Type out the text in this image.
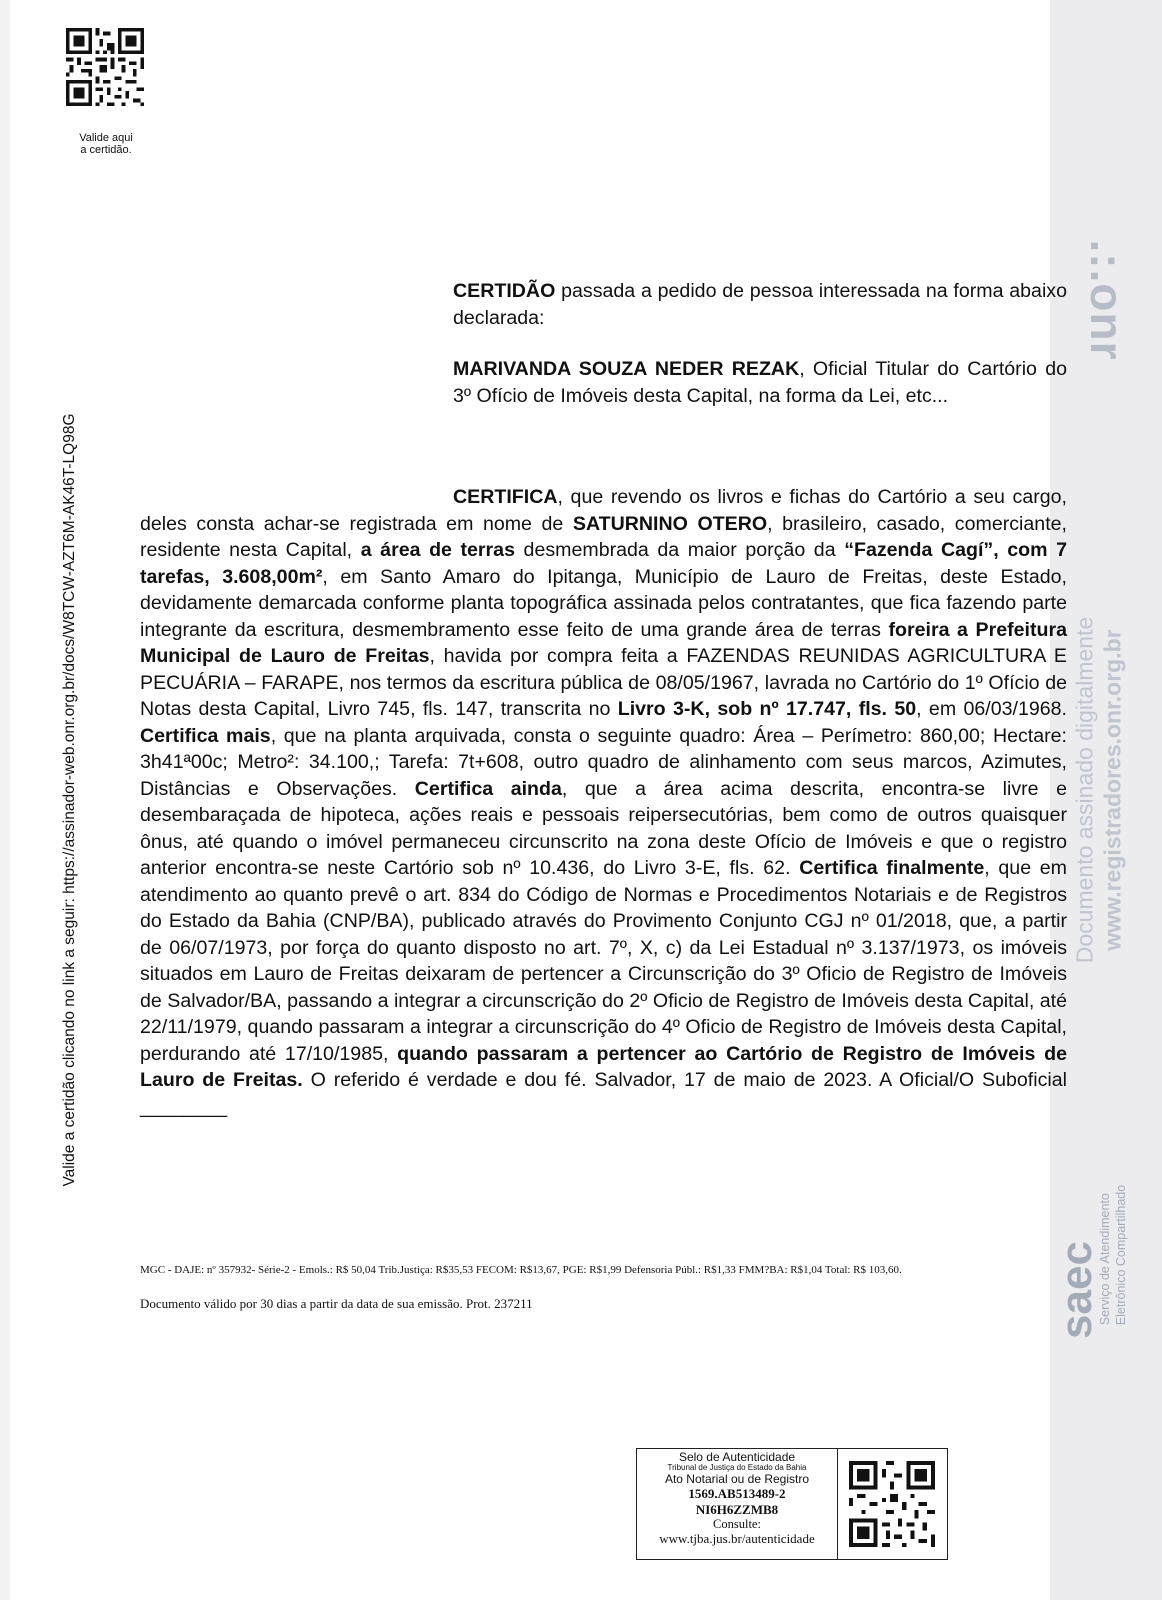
Valide aqui
a certidão.
Valide a certidão clicando no link a seguir: https://assinador-web.onr.org.br/docs/W8TCW-AZT6M-AK46T-LQ98G
.:.onr
Documento assinado digitalmente www.registradores.onr.org.br
saec
Serviço de Atendimento Eletrônico Compartilhado
CERTIDÃO passada a pedido de pessoa interessada na forma abaixo declarada:
MARIVANDA SOUZA NEDER REZAK, Oficial Titular do Cartório do 3º Ofício de Imóveis desta Capital, na forma da Lei, etc...
CERTIFICA, que revendo os livros e fichas do Cartório a seu cargo, deles consta achar-se registrada em nome de SATURNINO OTERO, brasileiro, casado, comerciante, residente nesta Capital, a área de terras desmembrada da maior porção da “Fazenda Cagí”, com 7 tarefas, 3.608,00m², em Santo Amaro do Ipitanga, Município de Lauro de Freitas, deste Estado, devidamente demarcada conforme planta topográfica assinada pelos contratantes, que fica fazendo parte integrante da escritura, desmembramento esse feito de uma grande área de terras foreira a Prefeitura Municipal de Lauro de Freitas, havida por compra feita a FAZENDAS REUNIDAS AGRICULTURA E PECUÁRIA – FARAPE, nos termos da escritura pública de 08/05/1967, lavrada no Cartório do 1º Ofício de Notas desta Capital, Livro 745, fls. 147, transcrita no Livro 3-K, sob nº 17.747, fls. 50, em 06/03/1968. Certifica mais, que na planta arquivada, consta o seguinte quadro: Área – Perímetro: 860,00; Hectare: 3h41ª00c; Metro²: 34.100,; Tarefa: 7t+608, outro quadro de alinhamento com seus marcos, Azimutes, Distâncias e Observações. Certifica ainda, que a área acima descrita, encontra-se livre e desembaraçada de hipoteca, ações reais e pessoais reipersecutórias, bem como de outros quaisquer ônus, até quando o imóvel permaneceu circunscrito na zona deste Ofício de Imóveis e que o registro anterior encontra-se neste Cartório sob nº 10.436, do Livro 3-E, fls. 62. Certifica finalmente, que em atendimento ao quanto prevê o art. 834 do Código de Normas e Procedimentos Notariais e de Registros do Estado da Bahia (CNP/BA), publicado através do Provimento Conjunto CGJ nº 01/2018, que, a partir de 06/07/1973, por força do quanto disposto no art. 7º, X, c) da Lei Estadual nº 3.137/1973, os imóveis situados em Lauro de Freitas deixaram de pertencer a Circunscrição do 3º Oficio de Registro de Imóveis de Salvador/BA, passando a integrar a circunscrição do 2º Oficio de Registro de Imóveis desta Capital, até 22/11/1979, quando passaram a integrar a circunscrição do 4º Oficio de Registro de Imóveis desta Capital, perdurando até 17/10/1985, quando passaram a pertencer ao Cartório de Registro de Imóveis de Lauro de Freitas. O referido é verdade e dou fé. Salvador, 17 de maio de 2023. A Oficial/O Suboficial ________
MGC - DAJE: nº 357932- Série-2 - Emols.: R$ 50,04 Trib.Justiça: R$35,53 FECOM: R$13,67, PGE: R$1,99 Defensoria Públ.: R$1,33 FMM?BA: R$1,04 Total: R$ 103,60.
Documento válido por 30 dias a partir da data de sua emissão. Prot. 237211
Selo de Autenticidade
Tribunal de Justiça do Estado da Bahia
Ato Notarial ou de Registro
1569.AB513489-2
NI6H6ZZMB8
Consulte:
www.tjba.jus.br/autenticidade
